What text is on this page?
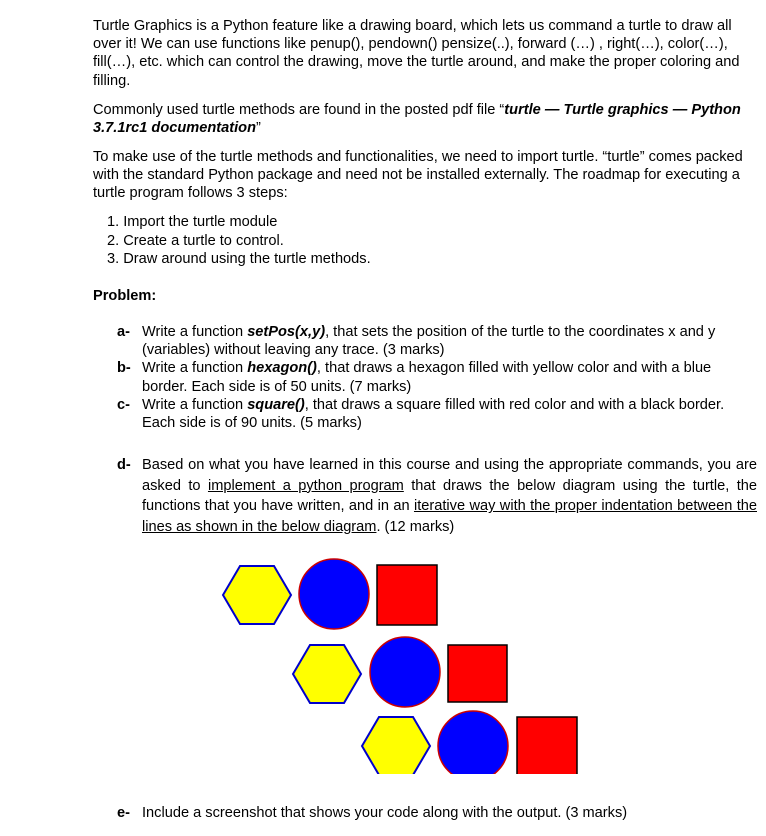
Turtle Graphics is a Python feature like a drawing board, which lets us command a turtle to draw all over it! We can use functions like penup(), pendown() pensize(..), forward (…) , right(…), color(…), fill(…), etc. which can control the drawing, move the turtle around, and make the proper coloring and filling.

Commonly used turtle methods are found in the posted pdf file “turtle — Turtle graphics — Python 3.7.1rc1 documentation”

To make use of the turtle methods and functionalities, we need to import turtle. “turtle” comes packed with the standard Python package and need not be installed externally. The roadmap for executing a turtle program follows 3 steps:

1. Import the turtle module
2. Create a turtle to control.
3. Draw around using the turtle methods.

Problem:

a- Write a function setPos(x,y), that sets the position of the turtle to the coordinates x and y (variables) without leaving any trace. (3 marks)
b- Write a function hexagon(), that draws a hexagon filled with yellow color and with a blue border. Each side is of 50 units. (7 marks)
c- Write a function square(), that draws a square filled with red color and with a black border. Each side is of 90 units. (5 marks)
d- Based on what you have learned in this course and using the appropriate commands, you are asked to implement a python program that draws the below diagram using the turtle, the functions that you have written, and in an iterative way with the proper indentation between the lines as shown in the below diagram. (12 marks)
e- Include a screenshot that shows your code along with the output. (3 marks)
